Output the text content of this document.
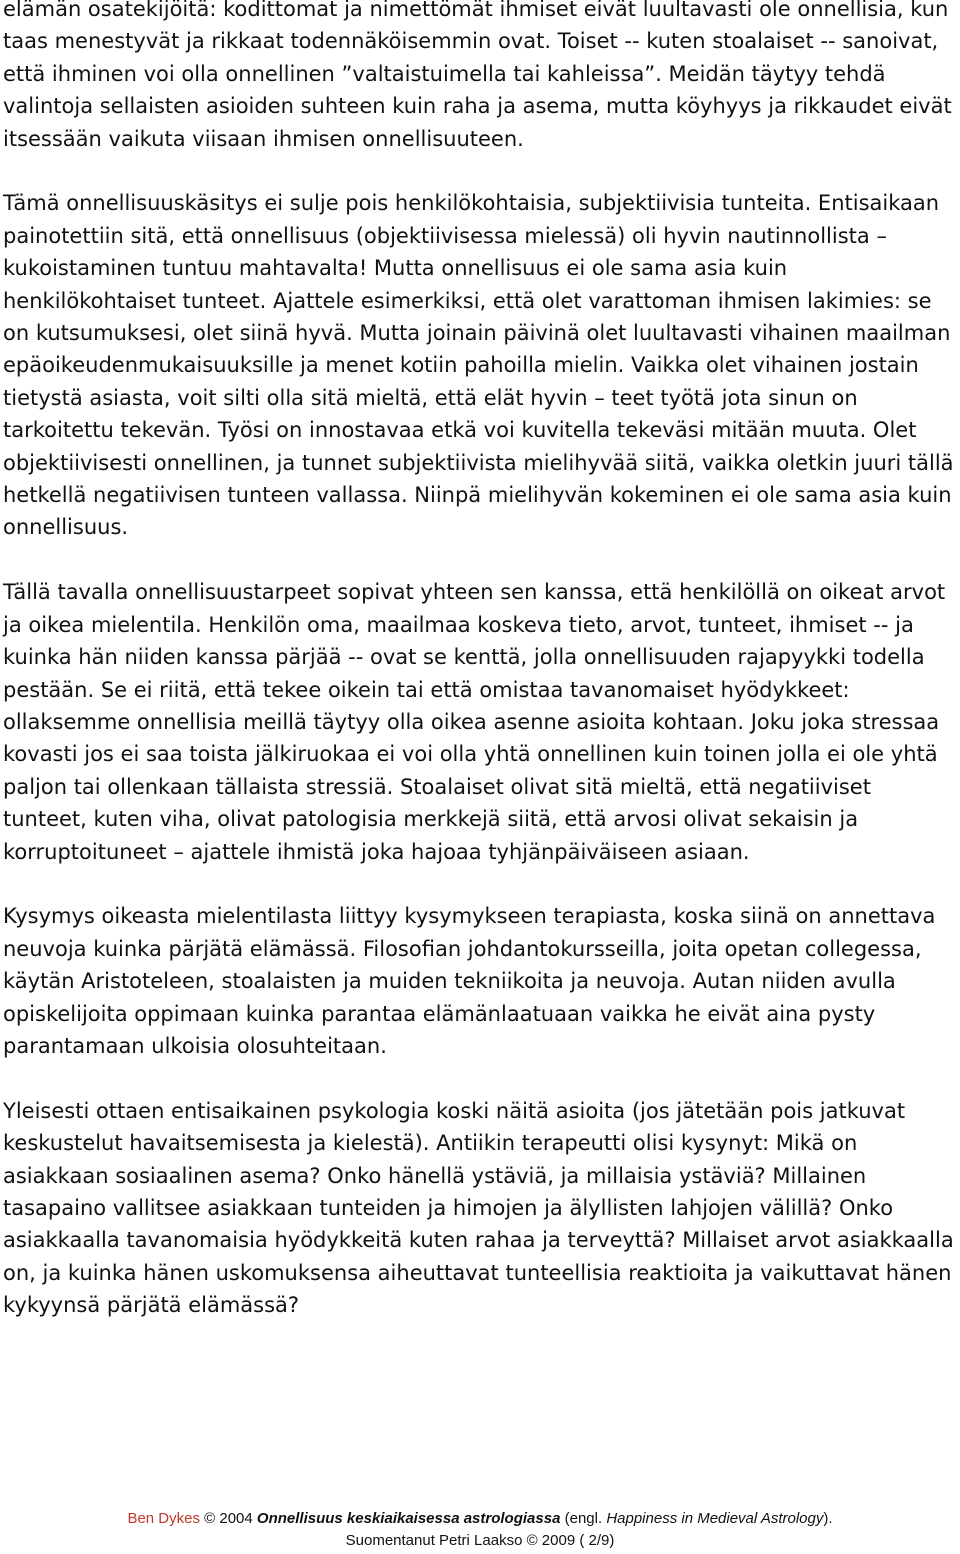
elämän osatekijöitä: kodittomat ja nimettömät ihmiset eivät luultavasti ole onnellisia, kun taas menestyvät ja rikkaat todennäköisemmin ovat. Toiset -- kuten stoalaiset -- sanoivat, että ihminen voi olla onnellinen ”valtaistuimella tai kahleissa”. Meidän täytyy tehdä valintoja sellaisten asioiden suhteen kuin raha ja asema, mutta köyhyys ja rikkaudet eivät itsessään vaikuta viisaan ihmisen onnellisuuteen.

Tämä onnellisuuskäsitys ei sulje pois henkilökohtaisia, subjektiivisia tunteita. Entisaikaan painotettiin sitä, että onnellisuus (objektiivisessa mielessä) oli hyvin nautinnollista – kukoistaminen tuntuu mahtavalta! Mutta onnellisuus ei ole sama asia kuin henkilökohtaiset tunteet. Ajattele esimerkiksi, että olet varattoman ihmisen lakimies: se on kutsumuksesi, olet siinä hyvä. Mutta joinain päivinä olet luultavasti vihainen maailman epäoikeudenmukaisuuksille ja menet kotiin pahoilla mielin. Vaikka olet vihainen jostain tietystä asiasta, voit silti olla sitä mieltä, että elät hyvin – teet työtä jota sinun on tarkoitettu tekevän. Työsi on innostavaa etkä voi kuvitella tekeväsi mitään muuta. Olet objektiivisesti onnellinen, ja tunnet subjektiivista mielihyvää siitä, vaikka oletkin juuri tällä hetkellä negatiivisen tunteen vallassa. Niinpä mielihyvän kokeminen ei ole sama asia kuin onnellisuus.

Tällä tavalla onnellisuustarpeet sopivat yhteen sen kanssa, että henkilöllä on oikeat arvot ja oikea mielentila. Henkilön oma, maailmaa koskeva tieto, arvot, tunteet, ihmiset -- ja kuinka hän niiden kanssa pärjää -- ovat se kenttä, jolla onnellisuuden rajapyykki todella pestään. Se ei riitä, että tekee oikein tai että omistaa tavanomaiset hyödykkeet: ollaksemme onnellisia meillä täytyy olla oikea asenne asioita kohtaan. Joku joka stressaa kovasti jos ei saa toista jälkiruokaa ei voi olla yhtä onnellinen kuin toinen jolla ei ole yhtä paljon tai ollenkaan tällaista stressiä. Stoalaiset olivat sitä mieltä, että negatiiviset tunteet, kuten viha, olivat patologisia merkkejä siitä, että arvosi olivat sekaisin ja korruptoituneet – ajattele ihmistä joka hajoaa tyhjänpäiväiseen asiaan.

Kysymys oikeasta mielentilasta liittyy kysymykseen terapiasta, koska siinä on annettava neuvoja kuinka pärjätä elämässä. Filosofian johdantokursseilla, joita opetan collegessa, käytän Aristoteleen, stoalaisten ja muiden tekniikoita ja neuvoja. Autan niiden avulla opiskelijoita oppimaan kuinka parantaa elämänlaatuaan vaikka he eivät aina pysty parantamaan ulkoisia olosuhteitaan.

Yleisesti ottaen entisaikainen psykologia koski näitä asioita (jos jätetään pois jatkuvat keskustelut havaitsemisesta ja kielestä). Antiikin terapeutti olisi kysynyt: Mikä on asiakkaan sosiaalinen asema? Onko hänellä ystäviä, ja millaisia ystäviä? Millainen tasapaino vallitsee asiakkaan tunteiden ja himojen ja älyllisten lahjojen välillä? Onko asiakkaalla tavanomaisia hyödykkeitä kuten rahaa ja terveyttä? Millaiset arvot asiakkaalla on, ja kuinka hänen uskomuksensa aiheuttavat tunteellisia reaktioita ja vaikuttavat hänen kykyynsä pärjätä elämässä?

Ben Dykes © 2004 Onnellisuus keskiaikaisessa astrologiassa (engl. Happiness in Medieval Astrology).
Suomentanut Petri Laakso © 2009 ( 2/9)
